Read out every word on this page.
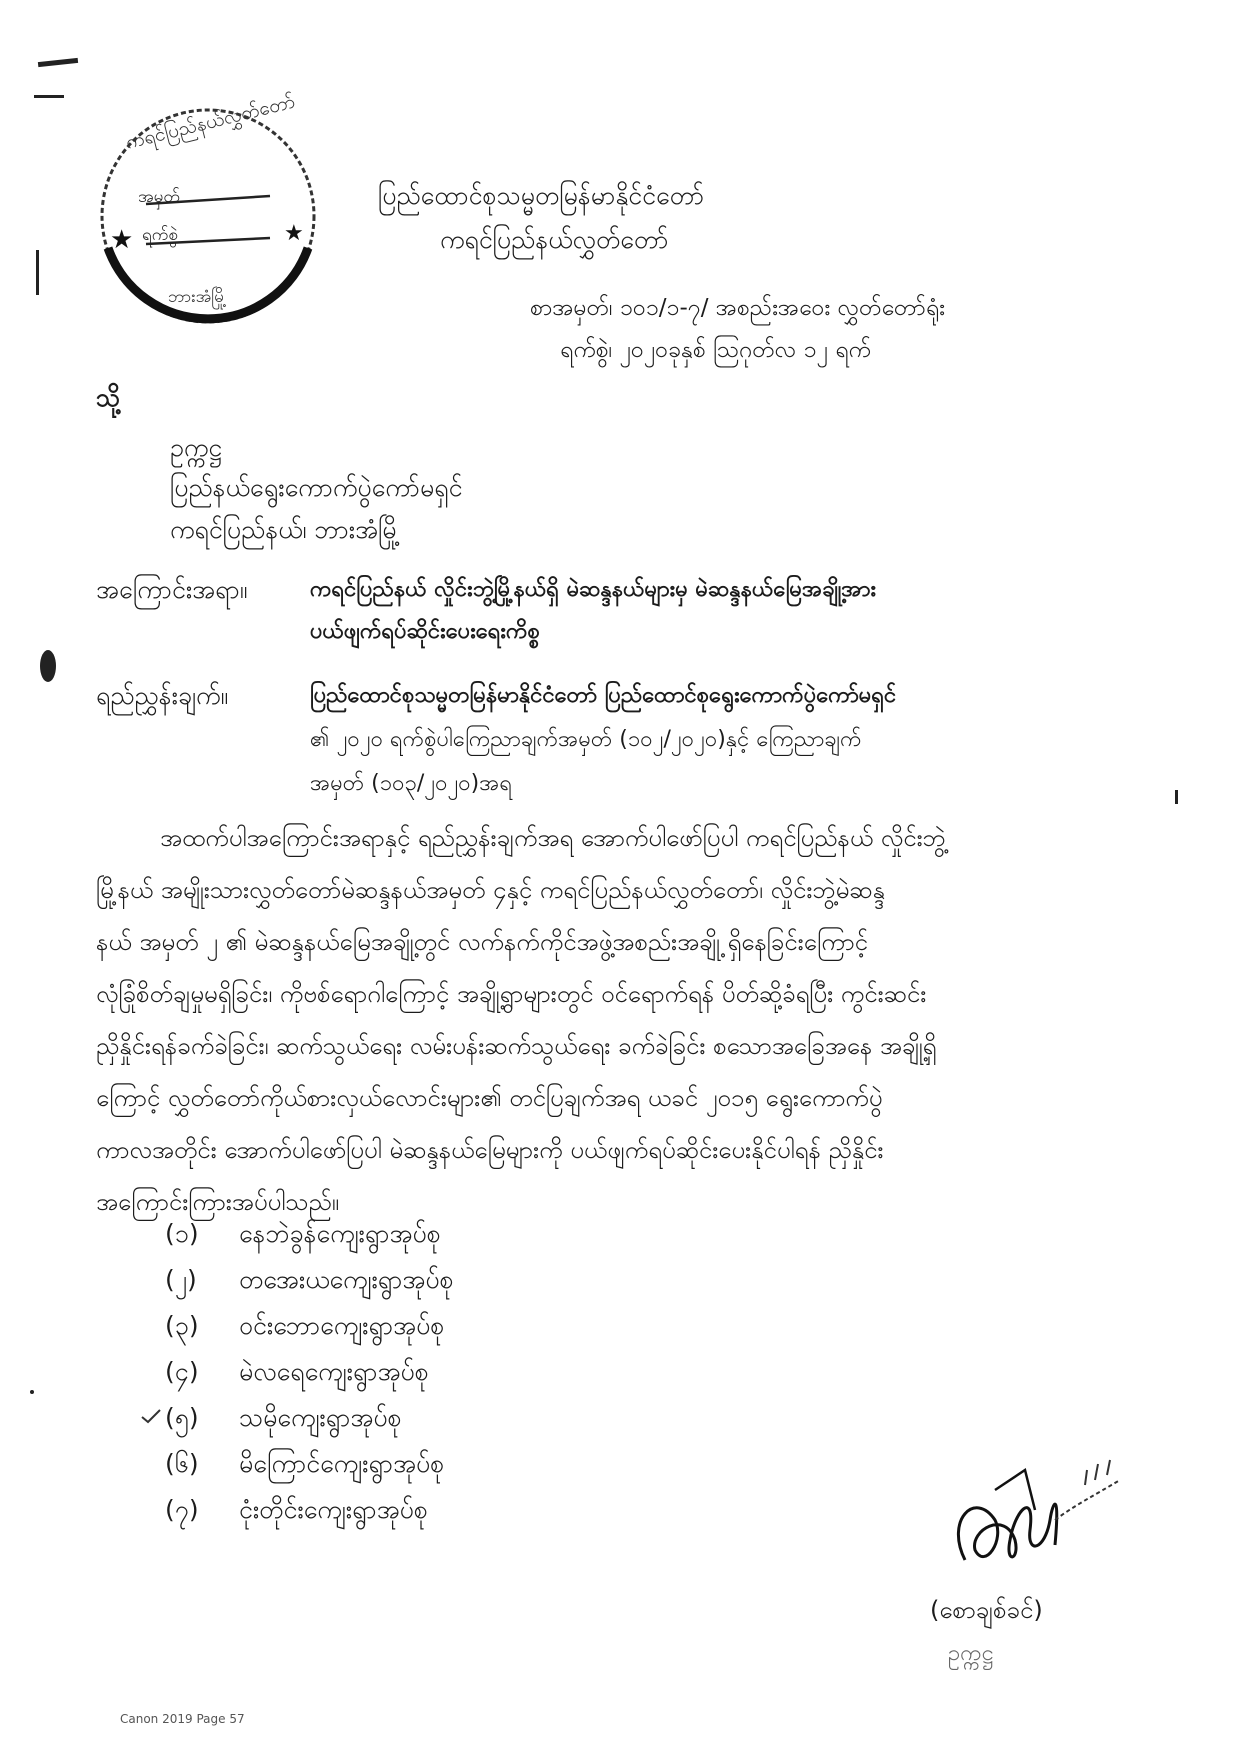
★	★
ကရင်ပြည်နယ်လွှတ်တော်
အမှတ်
ရက်စွဲ
ဘားအံမြို့
ပြည်ထောင်စုသမ္မတမြန်မာနိုင်ငံတော်
ကရင်ပြည်နယ်လွှတ်တော်
စာအမှတ်၊ ၁၀၁/၁-၇/ အစည်းအဝေး လွှတ်တော်ရုံး
ရက်စွဲ၊ ၂၀၂၀ခုနှစ် ဩဂုတ်လ ၁၂ ရက်
သို့
ဥက္ကဋ္ဌ
ပြည်နယ်ရွေးကောက်ပွဲကော်မရှင်
ကရင်ပြည်နယ်၊ ဘားအံမြို့
အကြောင်းအရာ။	ကရင်ပြည်နယ် လှိုင်းဘွဲ့မြို့နယ်ရှိ မဲဆန္ဒနယ်များမှ မဲဆန္ဒနယ်မြေအချို့အား
ပယ်ဖျက်ရပ်ဆိုင်းပေးရေးကိစ္စ
ရည်ညွှန်းချက်။	ပြည်ထောင်စုသမ္မတမြန်မာနိုင်ငံတော် ပြည်ထောင်စုရွေးကောက်ပွဲကော်မရှင်
၏ ၂၀၂၀ ရက်စွဲပါကြေညာချက်အမှတ် (၁၀၂/၂၀၂၀)နှင့် ကြေညာချက်
အမှတ် (၁၀၃/၂၀၂၀)အရ
အထက်ပါအကြောင်းအရာနှင့် ရည်ညွှန်းချက်အရ အောက်ပါဖော်ပြပါ ကရင်ပြည်နယ် လှိုင်းဘွဲ့
မြို့နယ် အမျိုးသားလွှတ်တော်မဲဆန္ဒနယ်အမှတ် ၄နှင့် ကရင်ပြည်နယ်လွှတ်တော်၊ လှိုင်းဘွဲ့မဲဆန္ဒ
နယ် အမှတ် ၂ ၏ မဲဆန္ဒနယ်မြေအချို့တွင် လက်နက်ကိုင်အဖွဲ့အစည်းအချို့ ရှိနေခြင်းကြောင့်
လုံခြုံစိတ်ချမှုမရှိခြင်း၊ ကိုဗစ်ရောဂါကြောင့် အချို့ရွာများတွင် ဝင်ရောက်ရန် ပိတ်ဆို့ခံရပြီး ကွင်းဆင်း
ညှိနှိုင်းရန်ခက်ခဲခြင်း၊ ဆက်သွယ်ရေး လမ်းပန်းဆက်သွယ်ရေး ခက်ခဲခြင်း စသောအခြေအနေ အချို့ရှိ
ကြောင့် လွှတ်တော်ကိုယ်စားလှယ်လောင်းများ၏ တင်ပြချက်အရ ယခင် ၂၀၁၅ ရွေးကောက်ပွဲ
ကာလအတိုင်း အောက်ပါဖော်ပြပါ မဲဆန္ဒနယ်မြေများကို ပယ်ဖျက်ရပ်ဆိုင်းပေးနိုင်ပါရန် ညှိနှိုင်း
အကြောင်းကြားအပ်ပါသည်။
(၁) နေဘဲခွန်ကျေးရွာအုပ်စု
(၂) တအေးယကျေးရွာအုပ်စု
(၃) ဝင်းဘောကျေးရွာအုပ်စု
(၄) မဲလရေကျေးရွာအုပ်စု
(၅) သမိုကျေးရွာအုပ်စု
(၆) မိကြောင်ကျေးရွာအုပ်စု
(၇) ငုံးတိုင်းကျေးရွာအုပ်စု
(စောချစ်ခင်)
ဥက္ကဋ္ဌ
Canon 2019 Page 57
